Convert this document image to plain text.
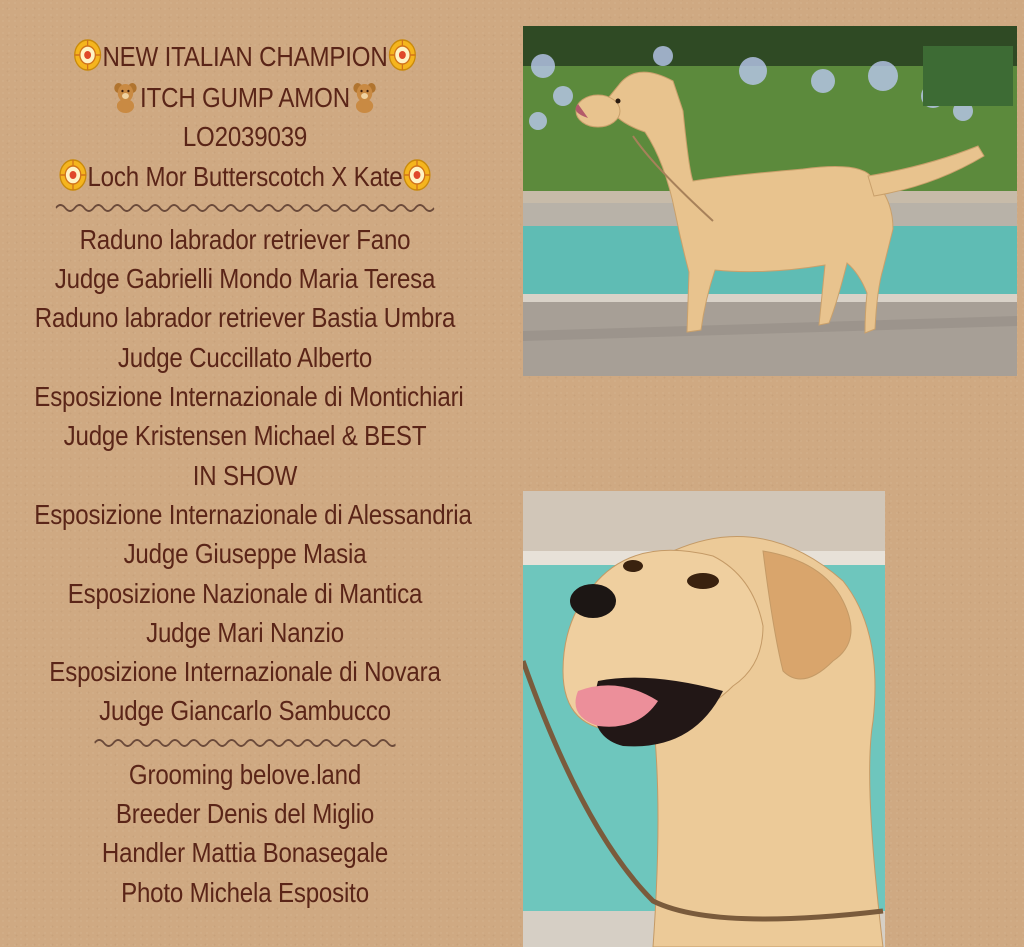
NEW ITALIAN CHAMPION
ITCH GUMP AMON
LO2039039
Loch Mor Butterscotch X Kate
Raduno labrador retriever Fano
Judge Gabrielli Mondo Maria Teresa
Raduno labrador retriever Bastia Umbra
Judge Cuccillato Alberto
Esposizione Internazionale di Montichiari
Judge Kristensen Michael & BEST
IN SHOW
Esposizione Internazionale di Alessandria
Judge Giuseppe Masia
Esposizione Nazionale di Mantica
Judge Mari Nanzio
Esposizione Internazionale di Novara
Judge Giancarlo Sambucco
Grooming belove.land
Breeder Denis del Miglio
Handler Mattia Bonasegale
Photo Michela Esposito
